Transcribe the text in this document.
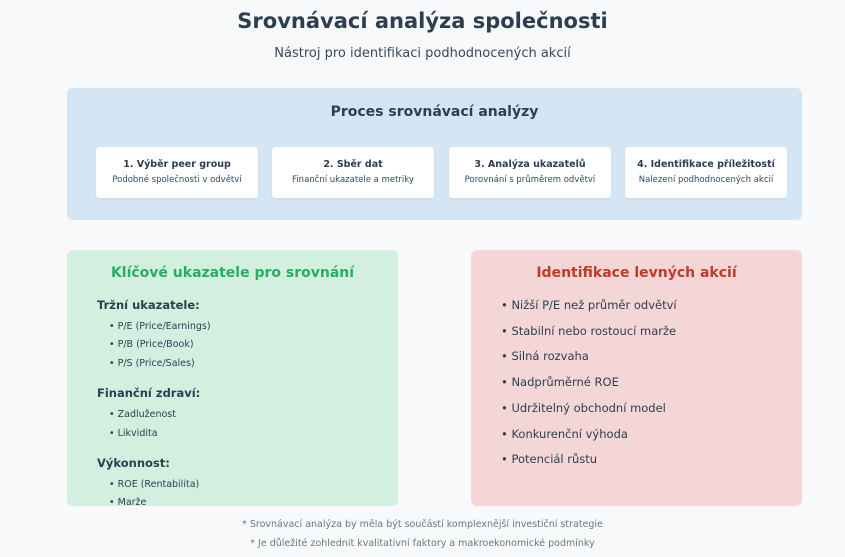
Srovnávací analýza společnosti
Nástroj pro identifikaci podhodnocených akcií
Proces srovnávací analýzy
1. Výběr peer group
Podobné společnosti v odvětví
2. Sběr dat
Finanční ukazatele a metriky
3. Analýza ukazatelů
Porovnání s průměrem odvětví
4. Identifikace příležitostí
Nalezení podhodnocených akcií
Klíčové ukazatele pro srovnání
Tržní ukazatele:
• P/E (Price/Earnings)
• P/B (Price/Book)
• P/S (Price/Sales)
Finanční zdraví:
• Zadluženost
• Likvidita
Výkonnost:
• ROE (Rentabilita)
• Marže
Identifikace levných akcií
• Nižší P/E než průměr odvětví
• Stabilní nebo rostoucí marže
• Silná rozvaha
• Nadprůměrné ROE
• Udržitelný obchodní model
• Konkurenční výhoda
• Potenciál růstu
* Srovnávací analýza by měla být součástí komplexnější investiční strategie
* Je důležité zohlednit kvalitativní faktory a makroekonomické podmínky
